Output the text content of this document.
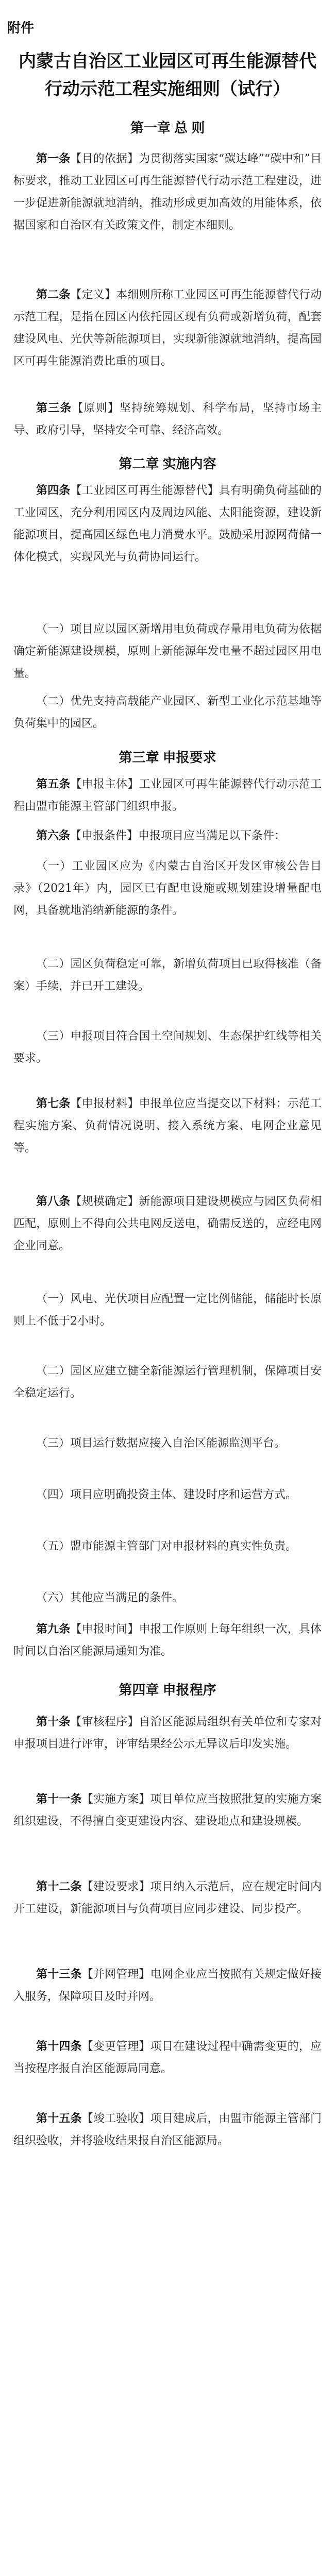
附件
内蒙古自治区工业园区可再生能源替代行动示范工程实施细则（试行）
第一章 总 则
第一条【目的依据】为贯彻落实国家“碳达峰”“碳中和”目标要求，推动工业园区可再生能源替代行动示范工程建设，进一步促进新能源就地消纳，推动形成更加高效的用能体系，依据国家和自治区有关政策文件，制定本细则。
第二条【定义】本细则所称工业园区可再生能源替代行动示范工程，是指在园区内依托园区现有负荷或新增负荷，配套建设风电、光伏等新能源项目，实现新能源就地消纳，提高园区可再生能源消费比重的项目。
第三条【原则】坚持统筹规划、科学布局，坚持市场主导、政府引导，坚持安全可靠、经济高效。
第二章 实施内容
第四条【工业园区可再生能源替代】具有明确负荷基础的工业园区，充分利用园区内及周边风能、太阳能资源，建设新能源项目，提高园区绿色电力消费水平。鼓励采用源网荷储一体化模式，实现风光与负荷协同运行。
（一）项目应以园区新增用电负荷或存量用电负荷为依据确定新能源建设规模，原则上新能源年发电量不超过园区用电量。
（二）优先支持高载能产业园区、新型工业化示范基地等负荷集中的园区。
第三章 申报要求
第五条【申报主体】工业园区可再生能源替代行动示范工程由盟市能源主管部门组织申报。
第六条【申报条件】申报项目应当满足以下条件：
（一）工业园区应为《内蒙古自治区开发区审核公告目录》（2021年）内，园区已有配电设施或规划建设增量配电网，具备就地消纳新能源的条件。
（二）园区负荷稳定可靠，新增负荷项目已取得核准（备案）手续，并已开工建设。
（三）申报项目符合国土空间规划、生态保护红线等相关要求。
第七条【申报材料】申报单位应当提交以下材料：示范工程实施方案、负荷情况说明、接入系统方案、电网企业意见等。
第八条【规模确定】新能源项目建设规模应与园区负荷相匹配，原则上不得向公共电网反送电，确需反送的，应经电网企业同意。
（一）风电、光伏项目应配置一定比例储能，储能时长原则上不低于2小时。
（二）园区应建立健全新能源运行管理机制，保障项目安全稳定运行。
（三）项目运行数据应接入自治区能源监测平台。
（四）项目应明确投资主体、建设时序和运营方式。
（五）盟市能源主管部门对申报材料的真实性负责。
（六）其他应当满足的条件。
第九条【申报时间】申报工作原则上每年组织一次，具体时间以自治区能源局通知为准。
第四章 申报程序
第十条【审核程序】自治区能源局组织有关单位和专家对申报项目进行评审，评审结果经公示无异议后印发实施。
第十一条【实施方案】项目单位应当按照批复的实施方案组织建设，不得擅自变更建设内容、建设地点和建设规模。
第十二条【建设要求】项目纳入示范后，应在规定时间内开工建设，新能源项目与负荷项目应同步建设、同步投产。
第十三条【并网管理】电网企业应当按照有关规定做好接入服务，保障项目及时并网。
第十四条【变更管理】项目在建设过程中确需变更的，应当按程序报自治区能源局同意。
第十五条【竣工验收】项目建成后，由盟市能源主管部门组织验收，并将验收结果报自治区能源局。
